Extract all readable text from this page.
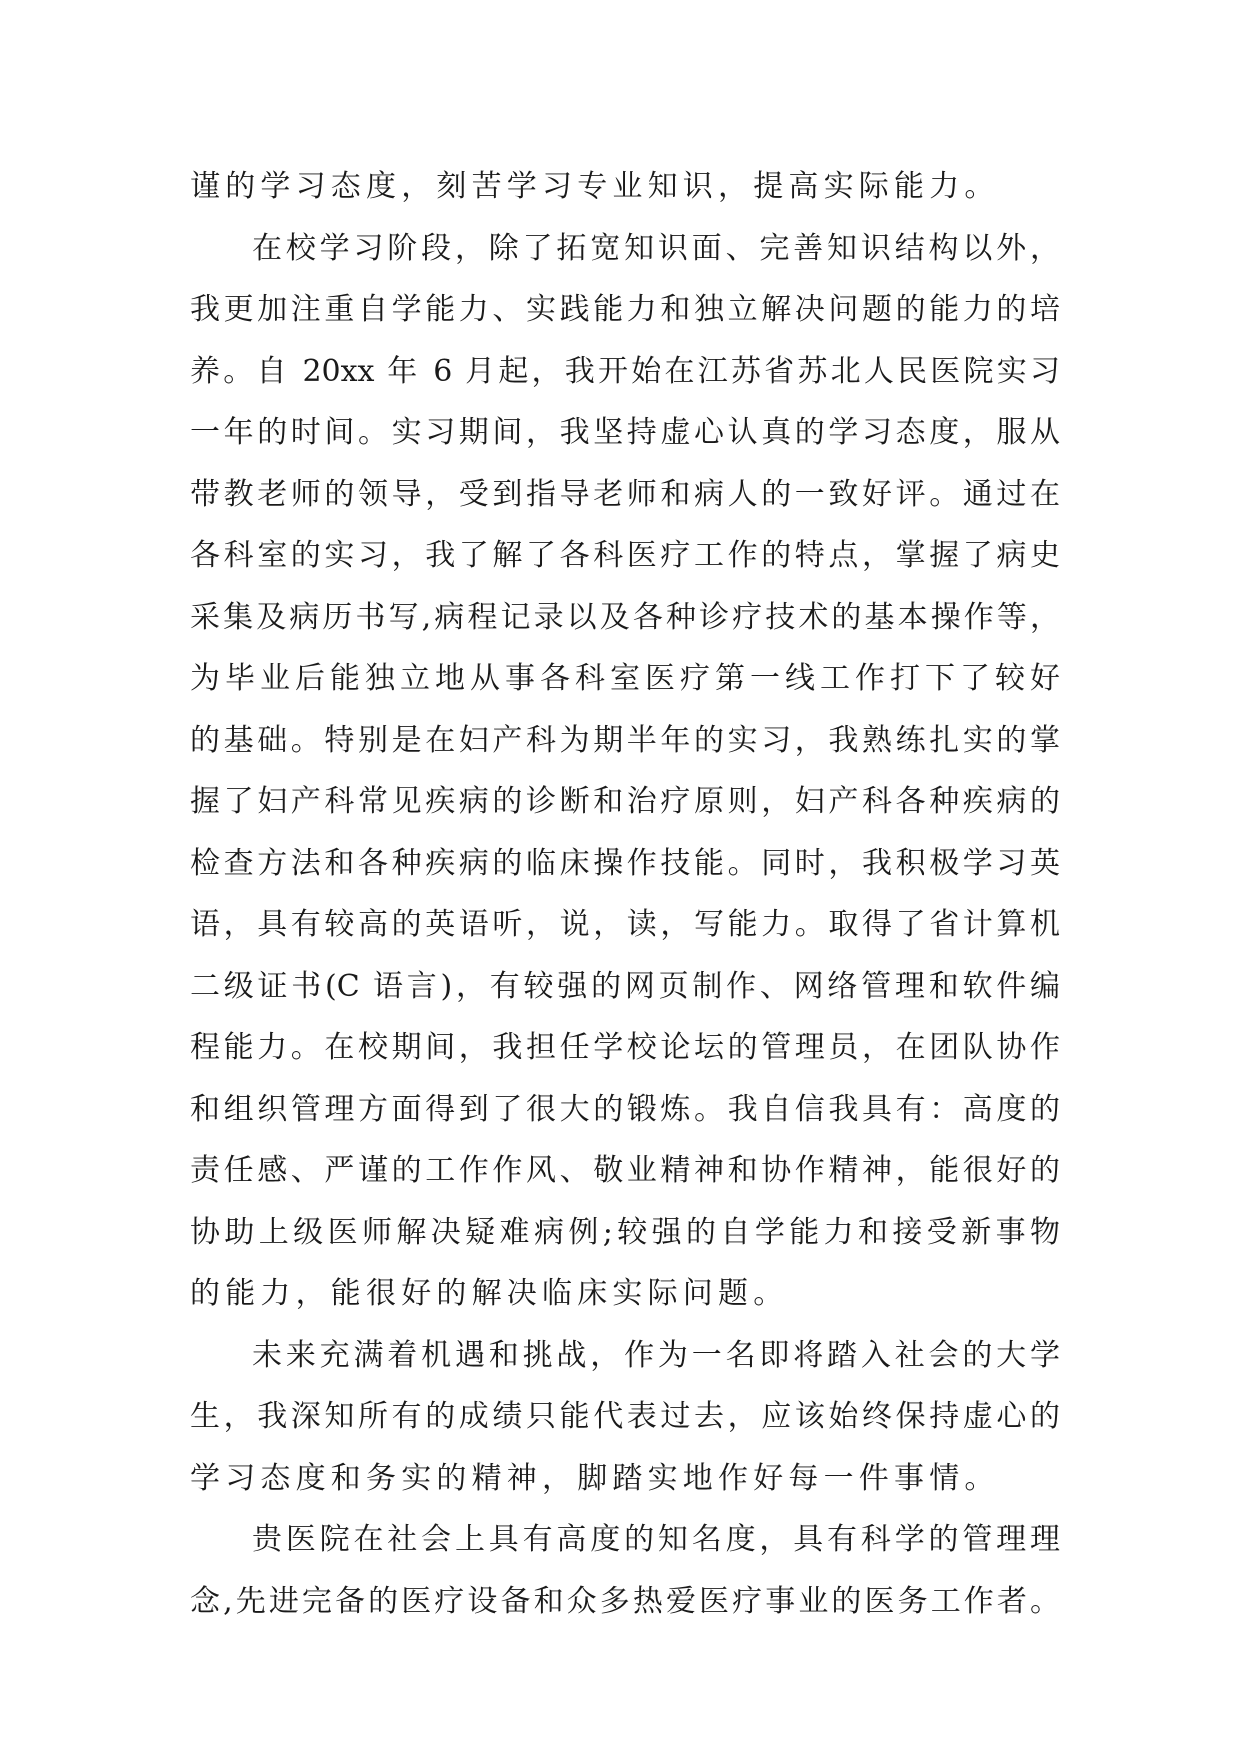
谨的学习态度，刻苦学习专业知识，提高实际能力。
在校学习阶段，除了拓宽知识面、完善知识结构以外，
我更加注重自学能力、实践能力和独立解决问题的能力的培
养。自 20xx 年 6 月起，我开始在江苏省苏北人民医院实习
一年的时间。实习期间，我坚持虚心认真的学习态度，服从
带教老师的领导，受到指导老师和病人的一致好评。通过在
各科室的实习，我了解了各科医疗工作的特点，掌握了病史
采集及病历书写,病程记录以及各种诊疗技术的基本操作等，
为毕业后能独立地从事各科室医疗第一线工作打下了较好
的基础。特别是在妇产科为期半年的实习，我熟练扎实的掌
握了妇产科常见疾病的诊断和治疗原则，妇产科各种疾病的
检查方法和各种疾病的临床操作技能。同时，我积极学习英
语，具有较高的英语听，说，读，写能力。取得了省计算机
二级证书(C 语言)，有较强的网页制作、网络管理和软件编
程能力。在校期间，我担任学校论坛的管理员，在团队协作
和组织管理方面得到了很大的锻炼。我自信我具有：高度的
责任感、严谨的工作作风、敬业精神和协作精神，能很好的
协助上级医师解决疑难病例;较强的自学能力和接受新事物
的能力，能很好的解决临床实际问题。
未来充满着机遇和挑战，作为一名即将踏入社会的大学
生，我深知所有的成绩只能代表过去，应该始终保持虚心的
学习态度和务实的精神，脚踏实地作好每一件事情。
贵医院在社会上具有高度的知名度，具有科学的管理理
念,先进完备的医疗设备和众多热爱医疗事业的医务工作者。
